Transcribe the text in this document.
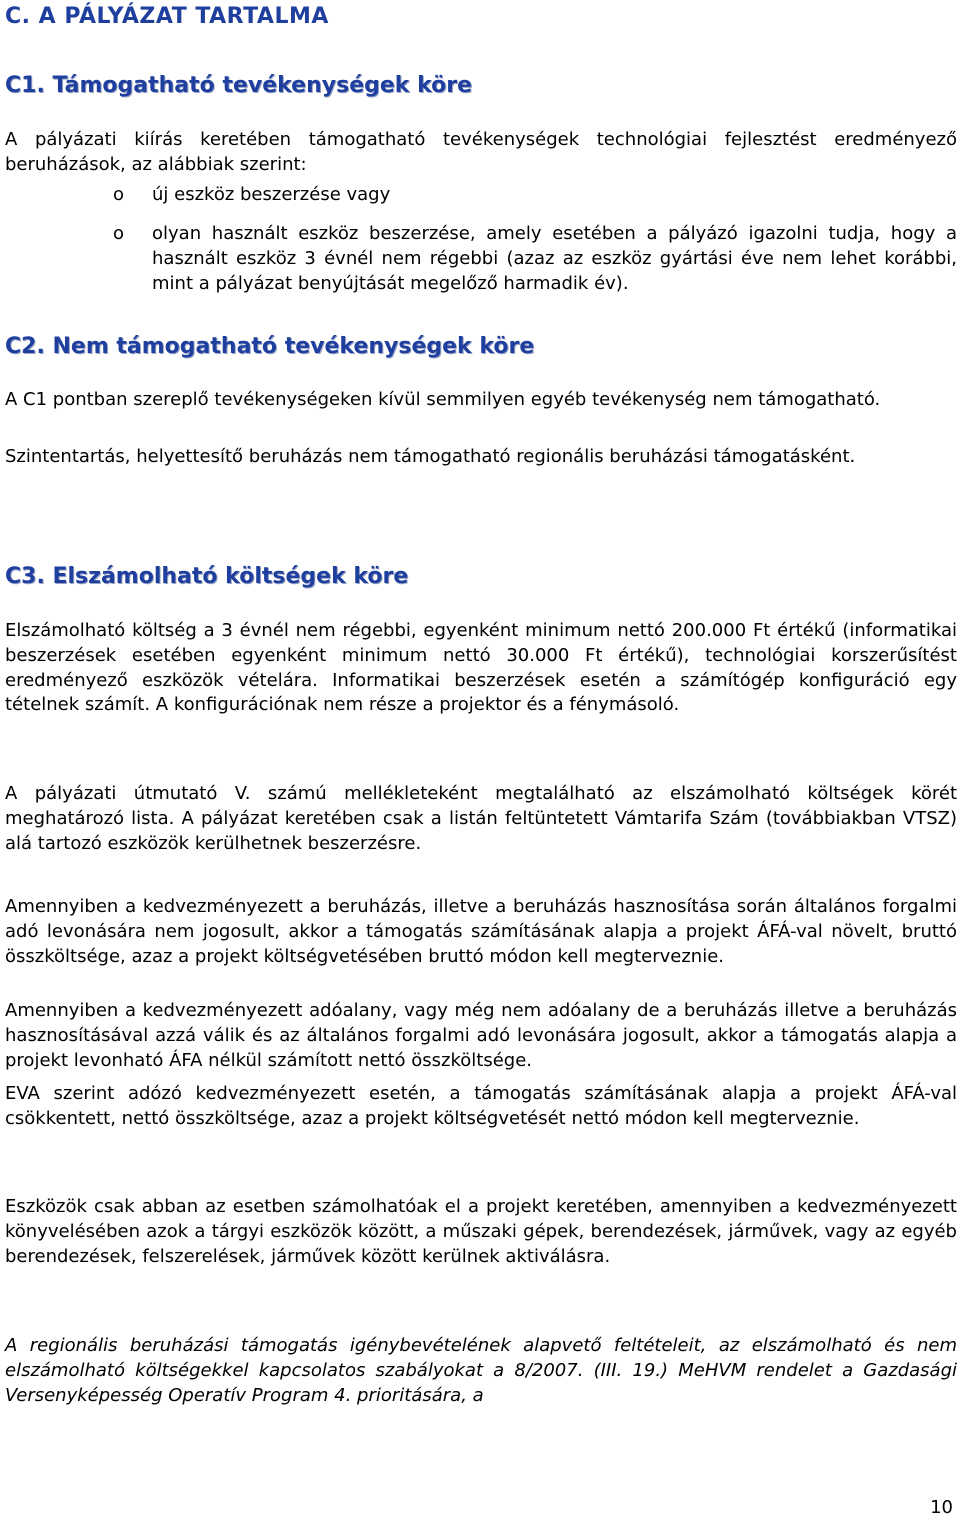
C. A PÁLYÁZAT TARTALMA
C1. Támogatható tevékenységek köre
A pályázati kiírás keretében támogatható tevékenységek technológiai fejlesztést eredményező beruházások, az alábbiak szerint:
o új eszköz beszerzése vagy
o olyan használt eszköz beszerzése, amely esetében a pályázó igazolni tudja, hogy a használt eszköz 3 évnél nem régebbi (azaz az eszköz gyártási éve nem lehet korábbi, mint a pályázat benyújtását megelőző harmadik év).
C2. Nem támogatható tevékenységek köre
A C1 pontban szereplő tevékenységeken kívül semmilyen egyéb tevékenység nem támogatható.
Szintentartás, helyettesítő beruházás nem támogatható regionális beruházási támogatásként.
C3. Elszámolható költségek köre
Elszámolható költség a 3 évnél nem régebbi, egyenként minimum nettó 200.000 Ft értékű (informatikai beszerzések esetében egyenként minimum nettó 30.000 Ft értékű), technológiai korszerűsítést eredményező eszközök vételára. Informatikai beszerzések esetén a számítógép konfiguráció egy tételnek számít. A konfigurációnak nem része a projektor és a fénymásoló.
A pályázati útmutató V. számú mellékleteként megtalálható az elszámolható költségek körét meghatározó lista. A pályázat keretében csak a listán feltüntetett Vámtarifa Szám (továbbiakban VTSZ) alá tartozó eszközök kerülhetnek beszerzésre.
Amennyiben a kedvezményezett a beruházás, illetve a beruházás hasznosítása során általános forgalmi adó levonására nem jogosult, akkor a támogatás számításának alapja a projekt ÁFÁ-val növelt, bruttó összköltsége, azaz a projekt költségvetésében bruttó módon kell megterveznie.
Amennyiben a kedvezményezett adóalany, vagy még nem adóalany de a beruházás illetve a beruházás hasznosításával azzá válik és az általános forgalmi adó levonására jogosult, akkor a támogatás alapja a projekt levonható ÁFA nélkül számított nettó összköltsége.
EVA szerint adózó kedvezményezett esetén, a támogatás számításának alapja a projekt ÁFÁ-val csökkentett, nettó összköltsége, azaz a projekt költségvetését nettó módon kell megterveznie.
Eszközök csak abban az esetben számolhatóak el a projekt keretében, amennyiben a kedvezményezett könyvelésében azok a tárgyi eszközök között, a műszaki gépek, berendezések, járművek, vagy az egyéb berendezések, felszerelések, járművek között kerülnek aktiválásra.
A regionális beruházási támogatás igénybevételének alapvető feltételeit, az elszámolható és nem elszámolható költségekkel kapcsolatos szabályokat a 8/2007. (III. 19.) MeHVM rendelet a Gazdasági Versenyképesség Operatív Program 4. prioritására, a
10
